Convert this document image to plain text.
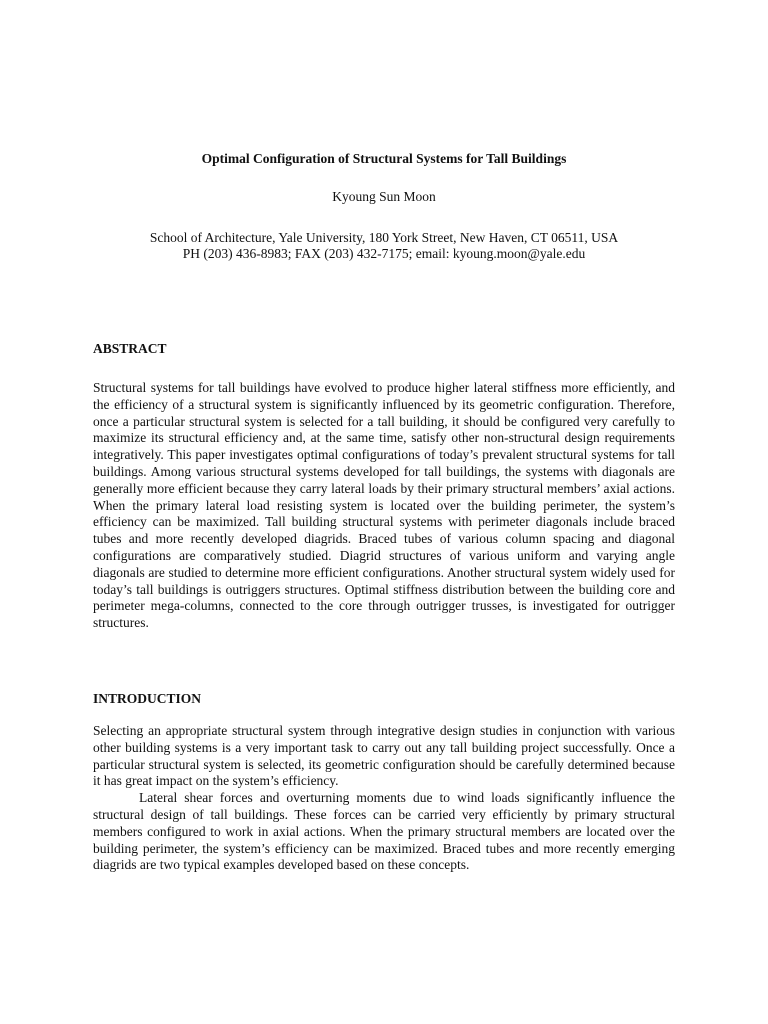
Optimal Configuration of Structural Systems for Tall Buildings
Kyoung Sun Moon
School of Architecture, Yale University, 180 York Street, New Haven, CT 06511, USA
PH (203) 436-8983; FAX (203) 432-7175; email: kyoung.moon@yale.edu
ABSTRACT
Structural systems for tall buildings have evolved to produce higher lateral stiffness more efficiently, and the efficiency of a structural system is significantly influenced by its geometric configuration. Therefore, once a particular structural system is selected for a tall building, it should be configured very carefully to maximize its structural efficiency and, at the same time, satisfy other non-structural design requirements integratively. This paper investigates optimal configurations of today’s prevalent structural systems for tall buildings. Among various structural systems developed for tall buildings, the systems with diagonals are generally more efficient because they carry lateral loads by their primary structural members’ axial actions. When the primary lateral load resisting system is located over the building perimeter, the system’s efficiency can be maximized. Tall building structural systems with perimeter diagonals include braced tubes and more recently developed diagrids. Braced tubes of various column spacing and diagonal configurations are comparatively studied. Diagrid structures of various uniform and varying angle diagonals are studied to determine more efficient configurations. Another structural system widely used for today’s tall buildings is outriggers structures. Optimal stiffness distribution between the building core and perimeter mega-columns, connected to the core through outrigger trusses, is investigated for outrigger structures.
INTRODUCTION

Selecting an appropriate structural system through integrative design studies in conjunction with various other building systems is a very important task to carry out any tall building project successfully. Once a particular structural system is selected, its geometric configuration should be carefully determined because it has great impact on the system’s efficiency.

Lateral shear forces and overturning moments due to wind loads significantly influence the structural design of tall buildings. These forces can be carried very efficiently by primary structural members configured to work in axial actions. When the primary structural members are located over the building perimeter, the system’s efficiency can be maximized. Braced tubes and more recently emerging diagrids are two typical examples developed based on these concepts.
